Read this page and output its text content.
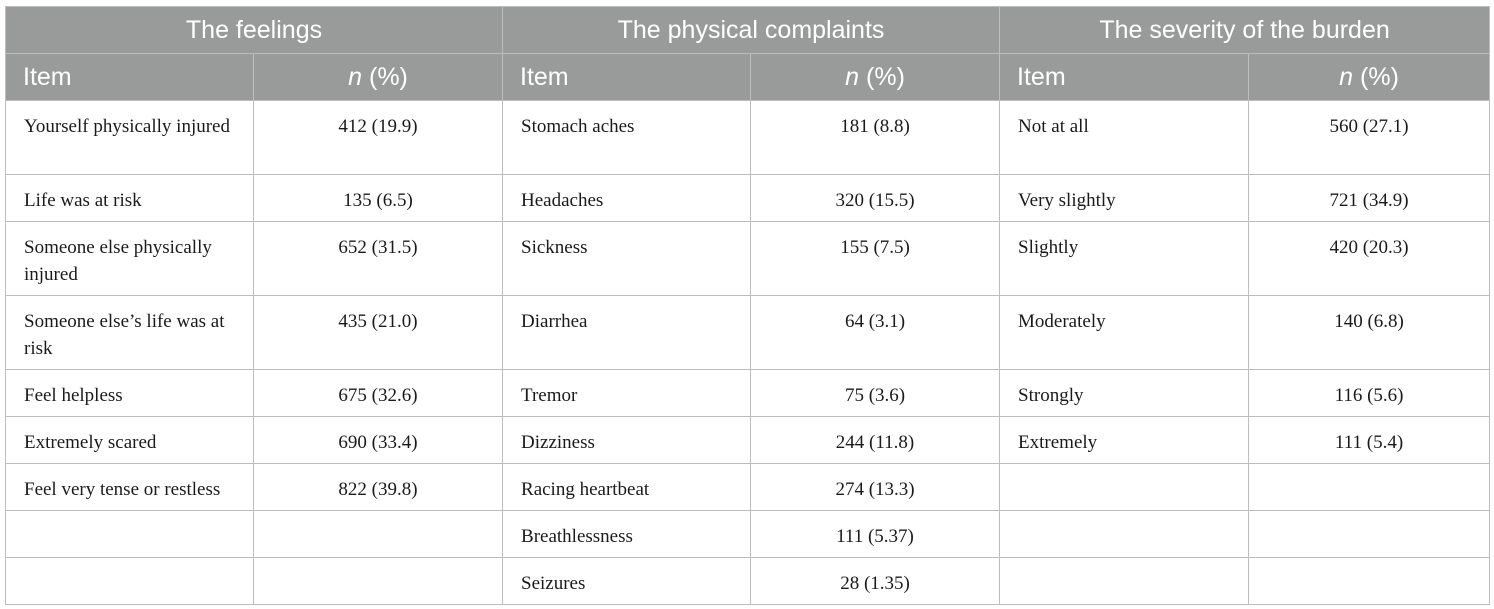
The feelings		The physical complaints		The severity of the burden	
Item	n (%)	Item	n (%)	Item	n (%)
Yourself physically injured	412 (19.9)	Stomach aches	181 (8.8)	Not at all	560 (27.1)
Life was at risk	135 (6.5)	Headaches	320 (15.5)	Very slightly	721 (34.9)
Someone else physically injured	652 (31.5)	Sickness	155 (7.5)	Slightly	420 (20.3)
Someone else’s life was at risk	435 (21.0)	Diarrhea	64 (3.1)	Moderately	140 (6.8)
Feel helpless	675 (32.6)	Tremor	75 (3.6)	Strongly	116 (5.6)
Extremely scared	690 (33.4)	Dizziness	244 (11.8)	Extremely	111 (5.4)
Feel very tense or restless	822 (39.8)	Racing heartbeat	274 (13.3)		
		Breathlessness	111 (5.37)		
		Seizures	28 (1.35)		
